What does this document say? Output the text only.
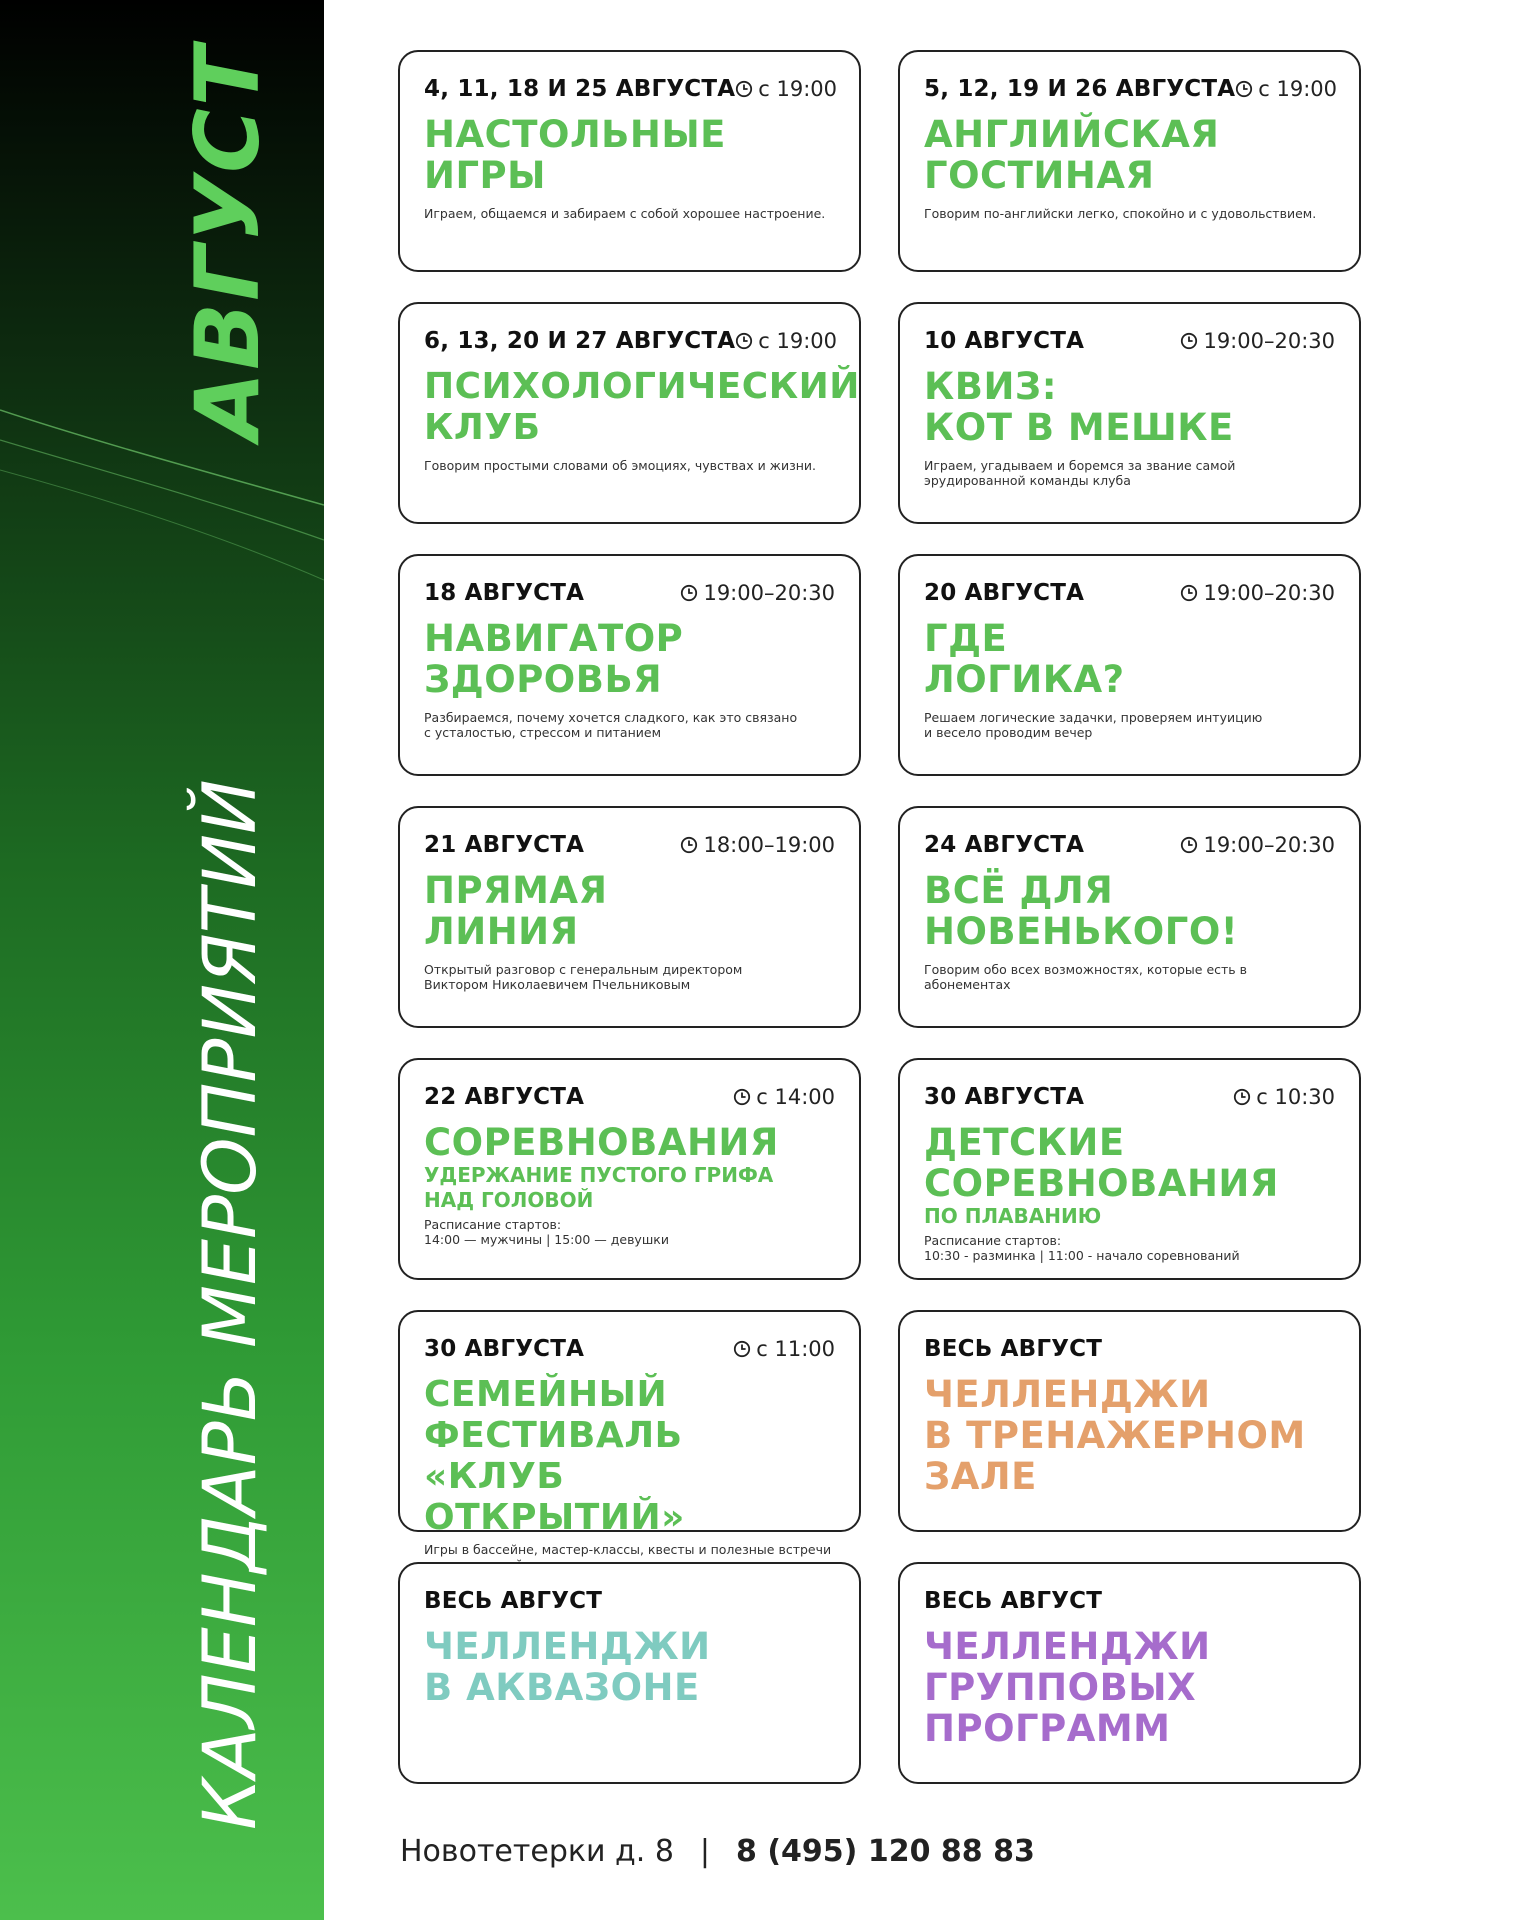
АВГУСТ
КАЛЕНДАРЬ МЕРОПРИЯТИЙ
4, 11, 18 И 25 АВГУСТА с 19:00
НАСТОЛЬНЫЕ
ИГРЫ
Играем, общаемся и забираем с собой хорошее настроение.
5, 12, 19 И 26 АВГУСТА с 19:00
АНГЛИЙСКАЯ
ГОСТИНАЯ
Говорим по-английски легко, спокойно и с удовольствием.
6, 13, 20 И 27 АВГУСТА с 19:00
ПСИХОЛОГИЧЕСКИЙ
КЛУБ
Говорим простыми словами об эмоциях, чувствах и жизни.
10 АВГУСТА	19:00–20:30
КВИЗ:
КОТ В МЕШКЕ
Играем, угадываем и боремся за звание самой
эрудированной команды клуба
18 АВГУСТА	19:00–20:30
НАВИГАТОР
ЗДОРОВЬЯ
Разбираемся, почему хочется сладкого, как это связано
с усталостью, стрессом и питанием
20 АВГУСТА	19:00–20:30
ГДЕ
ЛОГИКА?
Решаем логические задачки, проверяем интуицию
и весело проводим вечер
21 АВГУСТА	18:00–19:00
ПРЯМАЯ
ЛИНИЯ
Открытый разговор с генеральным директором
Виктором Николаевичем Пчельниковым
24 АВГУСТА	19:00–20:30
ВСЁ ДЛЯ
НОВЕНЬКОГО!
Говорим обо всех возможностях, которые есть в абонементах
22 АВГУСТА	с 14:00
СОРЕВНОВАНИЯ
УДЕРЖАНИЕ ПУСТОГО ГРИФА
НАД ГОЛОВОЙ
Расписание стартов:
14:00 — мужчины | 15:00 — девушки
30 АВГУСТА	с 10:30
ДЕТСКИЕ
СОРЕВНОВАНИЯ
ПО ПЛАВАНИЮ
Расписание стартов:
10:30 - разминка | 11:00 - начало соревнований
30 АВГУСТА	с 11:00
СЕМЕЙНЫЙ
ФЕСТИВАЛЬ
«КЛУБ ОТКРЫТИЙ»
Игры в бассейне, мастер-классы, квесты и полезные встречи

ВЕСЬ АВГУСТ
ЧЕЛЛЕНДЖИ
В ТРЕНАЖЕРНОМ
ЗАЛЕ
ВЕСЬ АВГУСТ
ЧЕЛЛЕНДЖИ
В АКВАЗОНЕ
ВЕСЬ АВГУСТ
ЧЕЛЛЕНДЖИ
ГРУППОВЫХ
ПРОГРАММ
Новотетерки д. 8 | 8 (495) 120 88 83
